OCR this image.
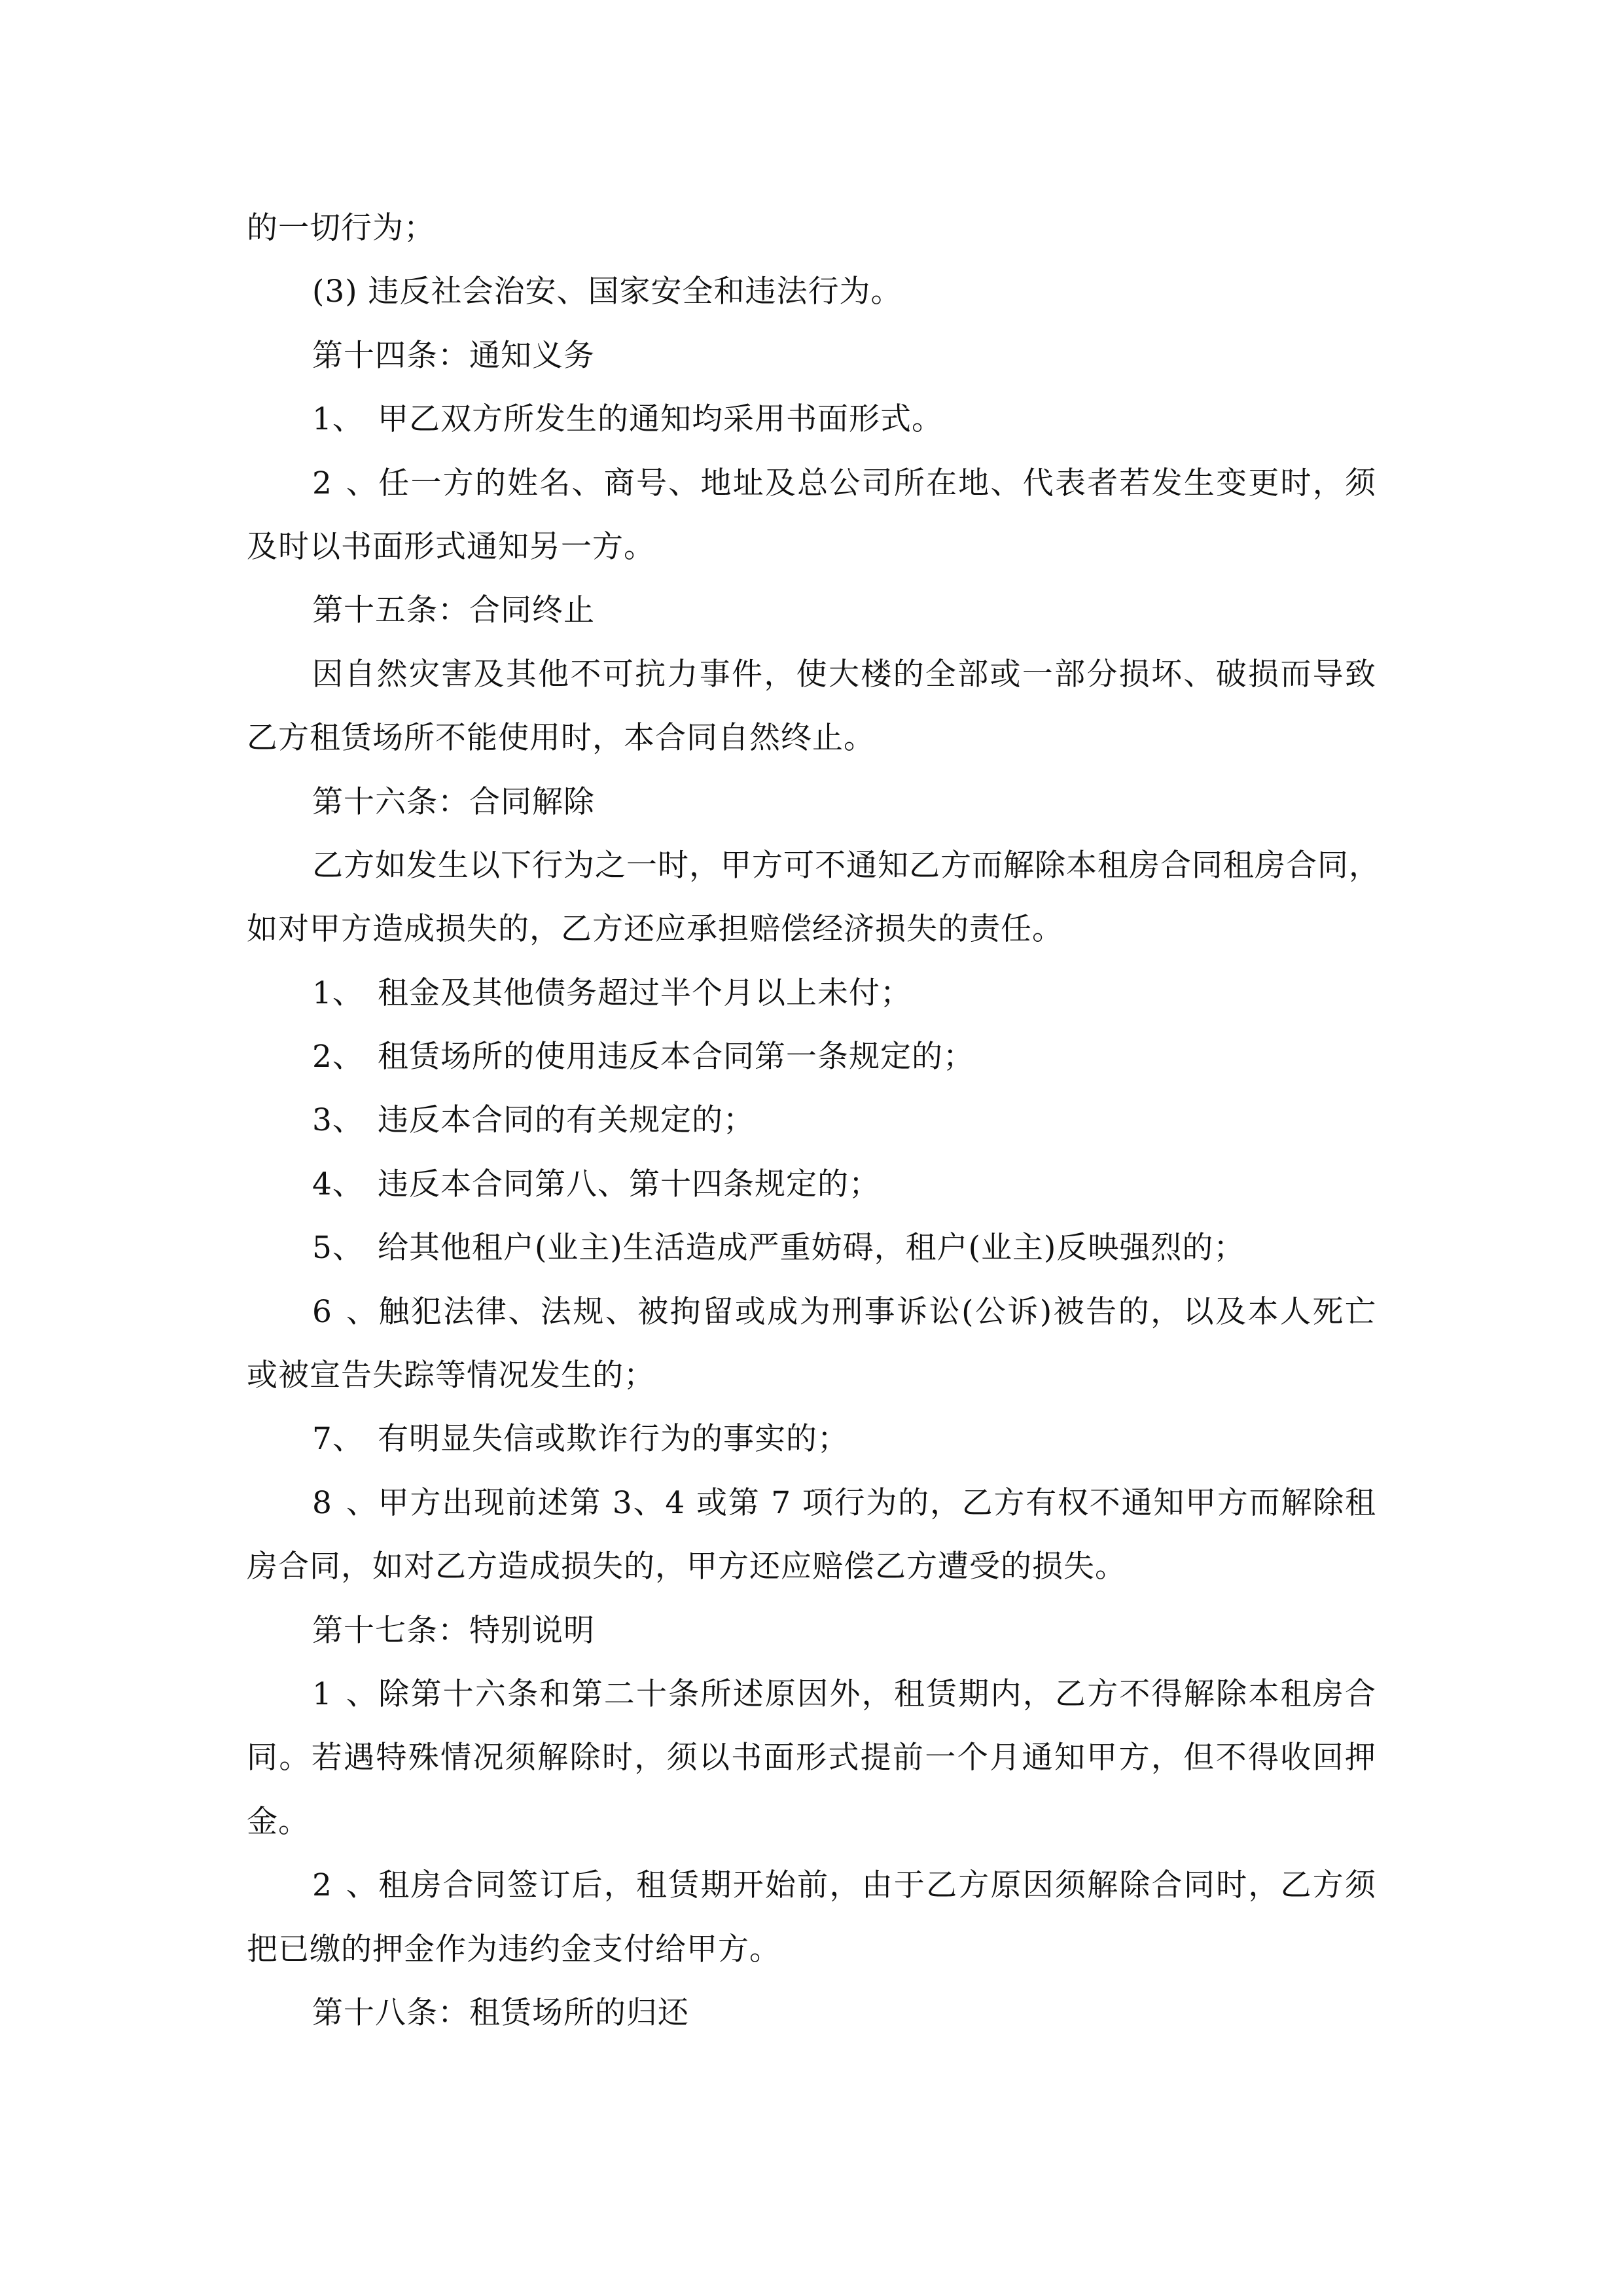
的一切行为；
(3) 违反社会治安、国家安全和违法行为。
第十四条：通知义务
1、 甲乙双方所发生的通知均采用书面形式。
2、任一方的姓名、商号、地址及总公司所在地、代表者若发生变更时，须
及时以书面形式通知另一方。
第十五条：合同终止
因自然灾害及其他不可抗力事件，使大楼的全部或一部分损坏、破损而导致
乙方租赁场所不能使用时，本合同自然终止。
第十六条：合同解除
乙方如发生以下行为之一时，甲方可不通知乙方而解除本租房合同租房合同，
如对甲方造成损失的，乙方还应承担赔偿经济损失的责任。
1、 租金及其他债务超过半个月以上未付；
2、 租赁场所的使用违反本合同第一条规定的；
3、 违反本合同的有关规定的；
4、 违反本合同第八、第十四条规定的；
5、 给其他租户(业主)生活造成严重妨碍，租户(业主)反映强烈的；
6、触犯法律、法规、被拘留或成为刑事诉讼(公诉)被告的，以及本人死亡
或被宣告失踪等情况发生的；
7、 有明显失信或欺诈行为的事实的；
8、甲方出现前述第 3、4 或第 7 项行为的，乙方有权不通知甲方而解除租
房合同，如对乙方造成损失的，甲方还应赔偿乙方遭受的损失。
第十七条：特别说明
1、除第十六条和第二十条所述原因外，租赁期内，乙方不得解除本租房合
同。若遇特殊情况须解除时，须以书面形式提前一个月通知甲方，但不得收回押
金。
2、租房合同签订后，租赁期开始前，由于乙方原因须解除合同时，乙方须
把已缴的押金作为违约金支付给甲方。
第十八条：租赁场所的归还
